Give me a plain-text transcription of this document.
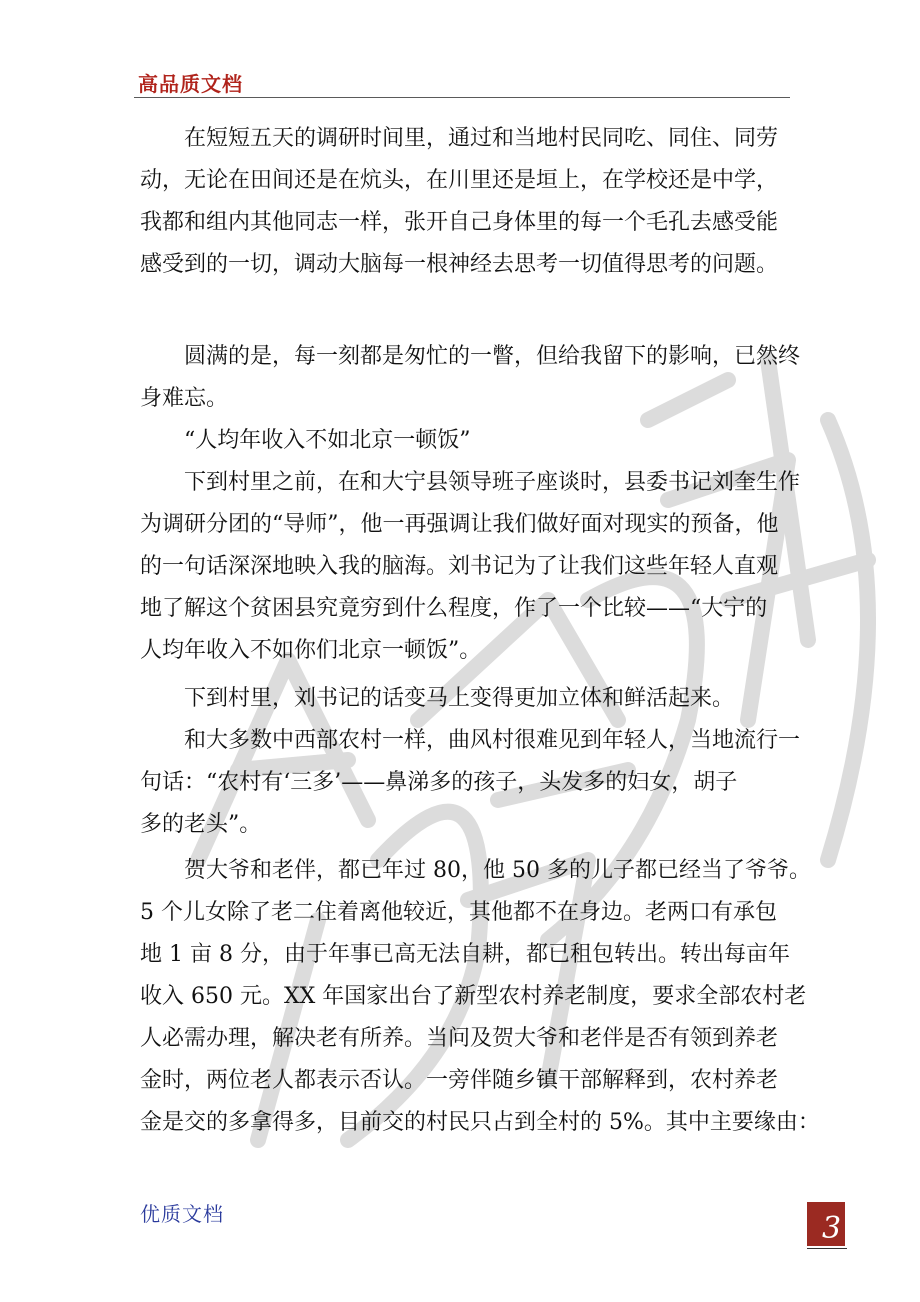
高品质文档
在短短五天的调研时间里，通过和当地村民同吃、同住、同劳
动，无论在田间还是在炕头，在川里还是垣上，在学校还是中学，
我都和组内其他同志一样，张开自己身体里的每一个毛孔去感受能
感受到的一切，调动大脑每一根神经去思考一切值得思考的问题。
圆满的是，每一刻都是匆忙的一瞥，但给我留下的影响，已然终
身难忘。
“人均年收入不如北京一顿饭”
下到村里之前，在和大宁县领导班子座谈时，县委书记刘奎生作
为调研分团的“导师”，他一再强调让我们做好面对现实的预备，他
的一句话深深地映入我的脑海。刘书记为了让我们这些年轻人直观
地了解这个贫困县究竟穷到什么程度，作了一个比较——“大宁的
人均年收入不如你们北京一顿饭”。
下到村里，刘书记的话变马上变得更加立体和鲜活起来。
和大多数中西部农村一样，曲风村很难见到年轻人，当地流行一
句话：“农村有‘三多’——鼻涕多的孩子，头发多的妇女，胡子
多的老头”。
贺大爷和老伴，都已年过 80，他 50 多的儿子都已经当了爷爷。
5 个儿女除了老二住着离他较近，其他都不在身边。老两口有承包
地 1 亩 8 分，由于年事已高无法自耕，都已租包转出。转出每亩年
收入 650 元。XX 年国家出台了新型农村养老制度，要求全部农村老
人必需办理，解决老有所养。当问及贺大爷和老伴是否有领到养老
金时，两位老人都表示否认。一旁伴随乡镇干部解释到，农村养老
金是交的多拿得多，目前交的村民只占到全村的 5%。其中主要缘由：
优质文档	3
